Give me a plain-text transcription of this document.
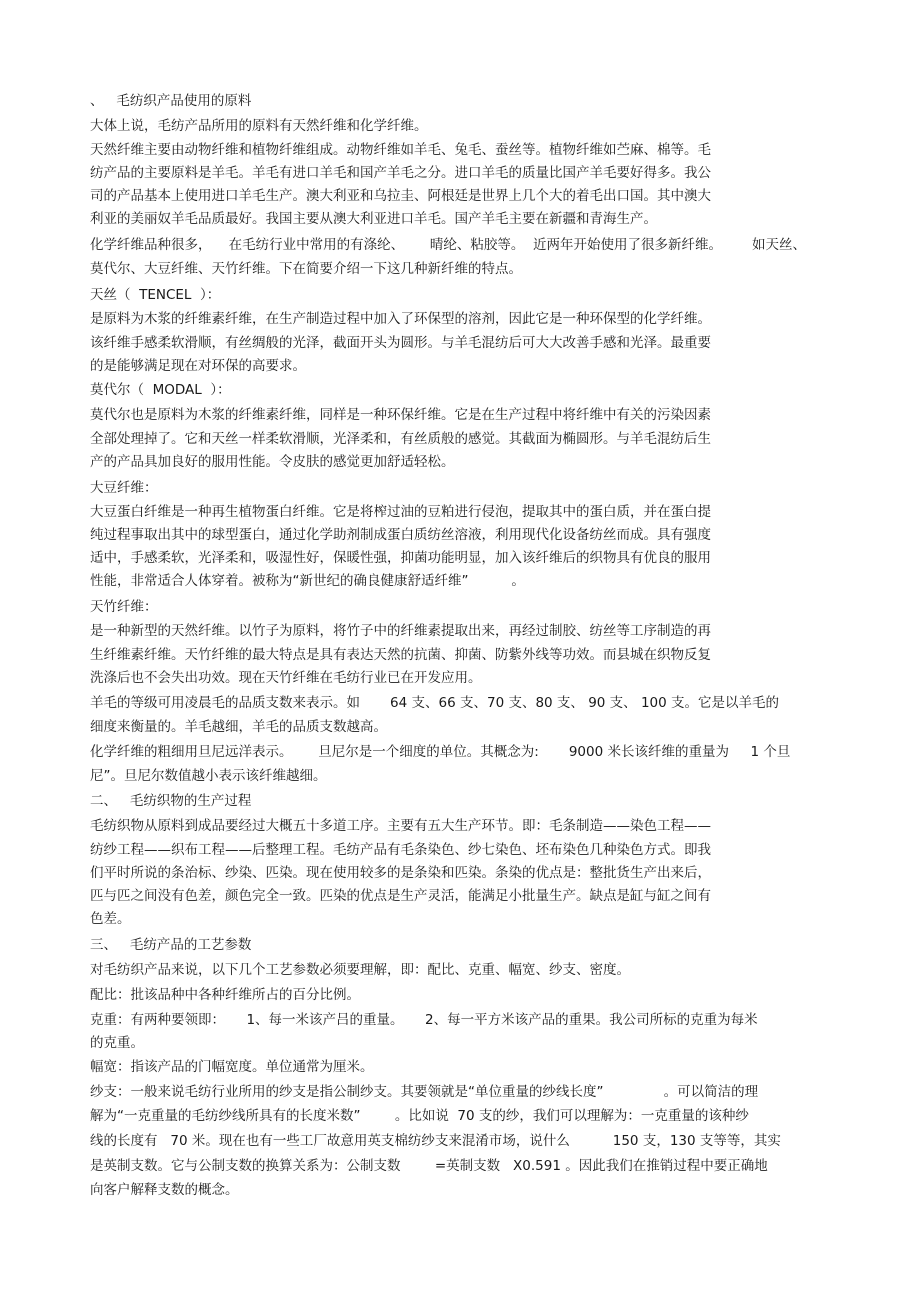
、   毛纺织产品使用的原料
大体上说，毛纺产品所用的原料有天然纤维和化学纤维。
天然纤维主要由动物纤维和植物纤维组成。动物纤维如羊毛、兔毛、蚕丝等。植物纤维如苎麻、棉等。毛
纺产品的主要原料是羊毛。羊毛有进口羊毛和国产羊毛之分。进口羊毛的质量比国产羊毛要好得多。我公
司的产品基本上使用进口羊毛生产。澳大利亚和乌拉圭、阿根廷是世界上几个大的着毛出口国。其中澳大
利亚的美丽奴羊毛品质最好。我国主要从澳大利亚进口羊毛。国产羊毛主要在新疆和青海生产。
化学纤维品种很多，    在毛纺行业中常用的有涤纶、      晴纶、粘胶等。  近两年开始使用了很多新纤维。       如天丝、
莫代尔、大豆纤维、天竹纤维。下在简要介绍一下这几种新纤维的特点。
天丝（  TENCEL  ）：
是原料为木浆的纤维素纤维，在生产制造过程中加入了环保型的溶剂，因此它是一种环保型的化学纤维。
该纤维手感柔软滑顺，有丝绸般的光泽，截面开头为圆形。与羊毛混纺后可大大改善手感和光泽。最重要
的是能够满足现在对环保的高要求。
莫代尔（  MODAL  ）：
莫代尔也是原料为木浆的纤维素纤维，同样是一种环保纤维。它是在生产过程中将纤维中有关的污染因素
全部处理掉了。它和天丝一样柔软滑顺，光泽柔和，有丝质般的感觉。其截面为椭圆形。与羊毛混纺后生
产的产品具加良好的服用性能。令皮肤的感觉更加舒适轻松。
大豆纤维：
大豆蛋白纤维是一种再生植物蛋白纤维。它是将榨过油的豆粕进行侵泡，提取其中的蛋白质，并在蛋白提
纯过程事取出其中的球型蛋白，通过化学助剂制成蛋白质纺丝溶液，利用现代化设备纺丝而成。具有强度
适中，手感柔软，光泽柔和，吸湿性好，保暖性强，抑菌功能明显，加入该纤维后的织物具有优良的服用
性能，非常适合人体穿着。被称为“新世纪的确良健康舒适纤维”          。
天竹纤维：
是一种新型的天然纤维。以竹子为原料，将竹子中的纤维素提取出来，再经过制胶、纺丝等工序制造的再
生纤维素纤维。天竹纤维的最大特点是具有表达天然的抗菌、抑菌、防紫外线等功效。而县城在织物反复
洗涤后也不会失出功效。现在天竹纤维在毛纺行业已在开发应用。
羊毛的等级可用凌晨毛的品质支数来表示。如       64 支、66 支、70 支、80 支、 90 支、 100 支。它是以羊毛的
细度来衡量的。羊毛越细，羊毛的品质支数越高。
化学纤维的粗细用旦尼远洋表示。      旦尼尔是一个细度的单位。其概念为:       9000 米长该纤维的重量为     1 个旦
尼”。旦尼尔数值越小表示该纤维越细。
二、   毛纺织物的生产过程
毛纺织物从原料到成品要经过大概五十多道工序。主要有五大生产环节。即：毛条制造——染色工程——
纺纱工程——织布工程——后整理工程。毛纺产品有毛条染色、纱七染色、坯布染色几种染色方式。即我
们平时所说的条治标、纱染、匹染。现在使用较多的是条染和匹染。条染的优点是：整批货生产出来后，
匹与匹之间没有色差，颜色完全一致。匹染的优点是生产灵活，能满足小批量生产。缺点是缸与缸之间有
色差。
三、   毛纺产品的工艺参数
对毛纺织产品来说，以下几个工艺参数必须要理解，即：配比、克重、幅宽、纱支、密度。
配比：批该品种中各种纤维所占的百分比例。
克重：有两种要领即：     1、每一米该产吕的重量。     2、每一平方米该产品的重果。我公司所标的克重为每米
的克重。
幅宽：指该产品的门幅宽度。单位通常为厘米。
纱支：一般来说毛纺行业所用的纱支是指公制纱支。其要领就是“单位重量的纱线长度”              。可以简洁的理
解为“一克重量的毛纺纱线所具有的长度米数”        。比如说  70 支的纱，我们可以理解为：一克重量的该种纱
线的长度有   70 米。现在也有一些工厂故意用英支棉纺纱支来混淆市场，说什么          150 支，130 支等等，其实
是英制支数。它与公制支数的换算关系为：公制支数        =英制支数   X0.591 。因此我们在推销过程中要正确地
向客户解释支数的概念。
